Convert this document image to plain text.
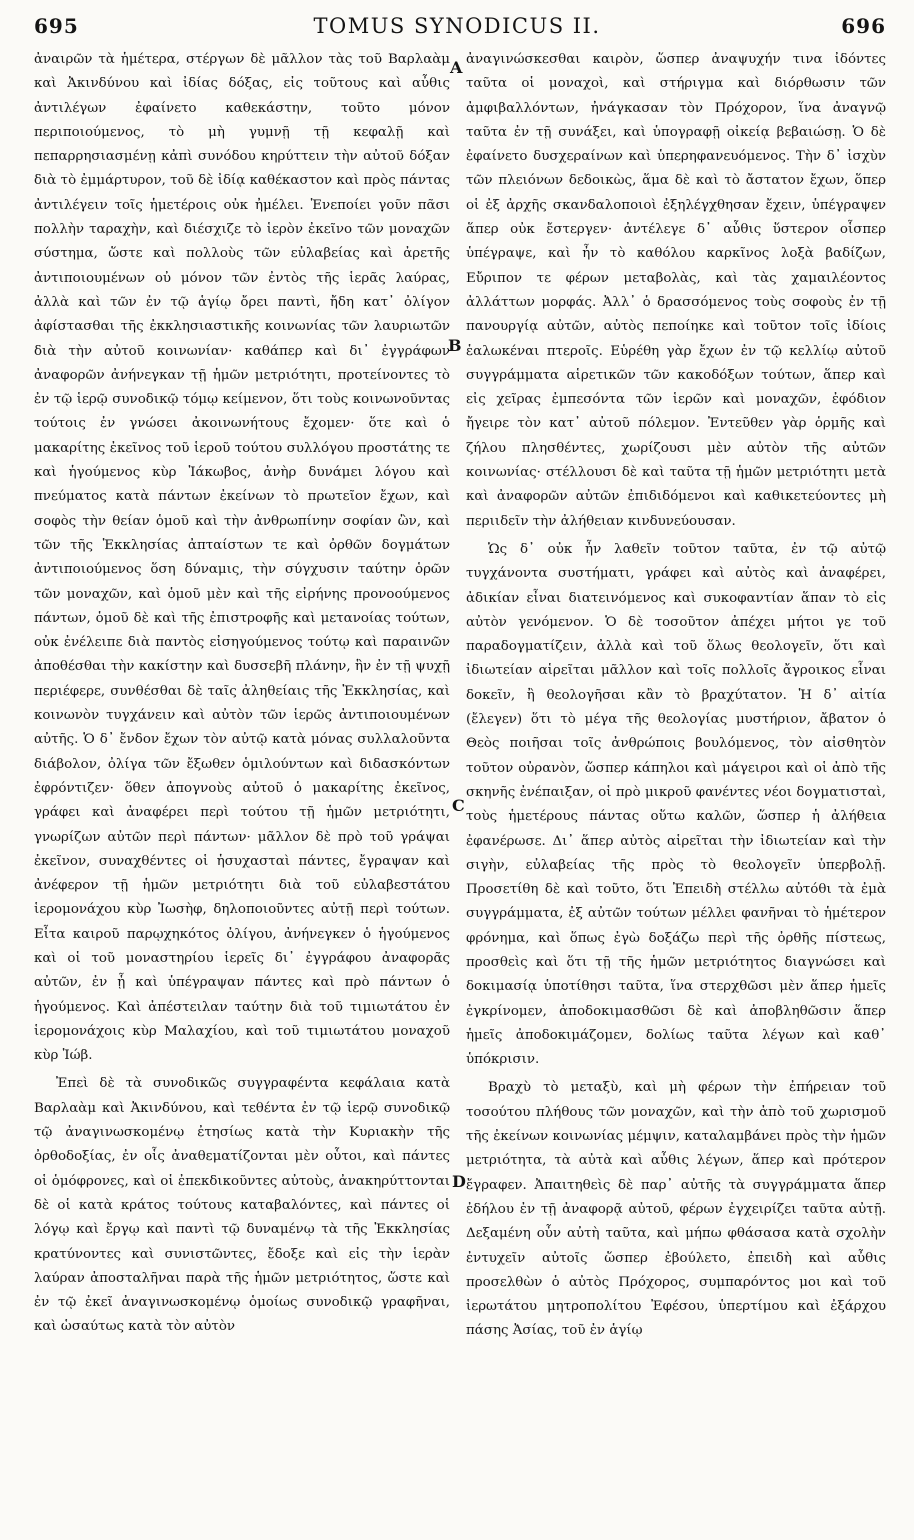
695	TOMUS SYNODICUS II.	696

ἀναιρῶν τὰ ἡμέτερα, στέργων δὲ μᾶλλον τὰς τοῦ Βαρλαὰμ καὶ Ἀκινδύνου καὶ ἰδίας δόξας, εἰς τοῦτους καὶ αὖθις ἀντιλέγων ἐφαίνετο καθεκάστην, τοῦτο μόνον περιποιούμενος, τὸ μὴ γυμνῇ τῇ κεφαλῇ καὶ πεπαρρησιασμένῃ κἀπὶ συνόδου κηρύττειν τὴν αὐτοῦ δόξαν διὰ τὸ ἐμμάρτυρον, τοῦ δὲ ἰδίᾳ καθέκαστον καὶ πρὸς πάντας ἀντιλέγειν τοῖς ἡμετέροις οὐκ ἠμέλει. Ἐνεποίει γοῦν πᾶσι πολλὴν ταραχὴν, καὶ διέσχιζε τὸ ἱερὸν ἐκεῖνο τῶν μοναχῶν σύστημα, ὥστε καὶ πολλοὺς τῶν εὐλαβείας καὶ ἀρετῆς ἀντιποιουμένων οὐ μόνον τῶν ἐντὸς τῆς ἱερᾶς λαύρας, ἀλλὰ καὶ τῶν ἐν τῷ ἁγίῳ ὄρει παντὶ, ἤδη κατ᾽ ὀλίγον ἀφίστασθαι τῆς ἐκκλησιαστικῆς κοινωνίας τῶν λαυριωτῶν διὰ τὴν αὐτοῦ κοινωνίαν· καθάπερ καὶ δι᾽ ἐγγράφων ἀναφορῶν ἀνήνεγκαν τῇ ἡμῶν μετριότητι, προτείνοντες τὸ ἐν τῷ ἱερῷ συνοδικῷ τόμῳ κείμενον, ὅτι τοὺς κοινωνοῦντας τούτοις ἐν γνώσει ἀκοινωνήτους ἔχομεν· ὅτε καὶ ὁ μακαρίτης ἐκεῖνος τοῦ ἱεροῦ τούτου συλλόγου προστάτης τε καὶ ἡγούμενος κὺρ Ἰάκωβος, ἀνὴρ δυνάμει λόγου καὶ πνεύματος κατὰ πάντων ἐκείνων τὸ πρωτεῖον ἔχων, καὶ σοφὸς τὴν θείαν ὁμοῦ καὶ τὴν ἀνθρωπίνην σοφίαν ὢν, καὶ τῶν τῆς Ἐκκλησίας ἀπταίστων τε καὶ ὀρθῶν δογμάτων ἀντιποιούμενος ὅση δύναμις, τὴν σύγχυσιν ταύτην ὁρῶν τῶν μοναχῶν, καὶ ὁμοῦ μὲν καὶ τῆς εἰρήνης προνοούμενος πάντων, ὁμοῦ δὲ καὶ τῆς ἐπιστροφῆς καὶ μετανοίας τούτων, οὐκ ἐνέλειπε διὰ παντὸς εἰσηγούμενος τούτῳ καὶ παραινῶν ἀποθέσθαι τὴν κακίστην καὶ δυσσεβῆ πλάνην, ἣν ἐν τῇ ψυχῇ περιέφερε, συνθέσθαι δὲ ταῖς ἀληθείαις τῆς Ἐκκλησίας, καὶ κοινωνὸν τυγχάνειν καὶ αὐτὸν τῶν ἱερῶς ἀντιποιουμένων αὐτῆς. Ὁ δ᾽ ἔνδον ἔχων τὸν αὐτῷ κατὰ μόνας συλλαλοῦντα διάβολον, ὀλίγα τῶν ἔξωθεν ὁμιλούντων καὶ διδασκόντων ἐφρόντιζεν· ὅθεν ἀπογνοὺς αὐτοῦ ὁ μακαρίτης ἐκεῖνος, γράφει καὶ ἀναφέρει περὶ τούτου τῇ ἡμῶν μετριότητι, γνωρίζων αὐτῶν περὶ πάντων· μᾶλλον δὲ πρὸ τοῦ γράψαι ἐκεῖνον, συναχθέντες οἱ ἡσυχασταὶ πάντες, ἔγραψαν καὶ ἀνέφερον τῇ ἡμῶν μετριότητι διὰ τοῦ εὐλαβεστάτου ἱερομονάχου κὺρ Ἰωσὴφ, δηλοποιοῦντες αὐτῇ περὶ τούτων. Εἶτα καιροῦ παρῳχηκότος ὀλίγου, ἀνήνεγκεν ὁ ἡγούμενος καὶ οἱ τοῦ μοναστηρίου ἱερεῖς δι᾽ ἐγγράφου ἀναφορᾶς αὐτῶν, ἐν ᾗ καὶ ὑπέγραψαν πάντες καὶ πρὸ πάντων ὁ ἡγούμενος. Καὶ ἀπέστειλαν ταύτην διὰ τοῦ τιμιωτάτου ἐν ἱερομονάχοις κὺρ Μαλαχίου, καὶ τοῦ τιμιωτάτου μοναχοῦ κὺρ Ἰώβ.

Ἐπεὶ δὲ τὰ συνοδικῶς συγγραφέντα κεφάλαια κατὰ Βαρλαὰμ καὶ Ἀκινδύνου, καὶ τεθέντα ἐν τῷ ἱερῷ συνοδικῷ τῷ ἀναγινωσκομένῳ ἐτησίως κατὰ τὴν Κυριακὴν τῆς ὀρθοδοξίας, ἐν οἷς ἀναθεματίζονται μὲν οὗτοι, καὶ πάντες οἱ ὁμόφρονες, καὶ οἱ ἐπεκδικοῦντες αὐτοὺς, ἀνακηρύττονται δὲ οἱ κατὰ κράτος τούτους καταβαλόντες, καὶ πάντες οἱ λόγῳ καὶ ἔργῳ καὶ παντὶ τῷ δυναμένῳ τὰ τῆς Ἐκκλησίας κρατύνοντες καὶ συνιστῶντες, ἔδοξε καὶ εἰς τὴν ἱερὰν λαύραν ἀποσταλῆναι παρὰ τῆς ἡμῶν μετριότητος, ὥστε καὶ ἐν τῷ ἐκεῖ ἀναγινωσκομένῳ ὁμοίως συνοδικῷ γραφῆναι, καὶ ὡσαύτως κατὰ τὸν αὐτὸν

ἀναγινώσκεσθαι καιρὸν, ὥσπερ ἀναψυχήν τινα ἰδόντες ταῦτα οἱ μοναχοὶ, καὶ στήριγμα καὶ διόρθωσιν τῶν ἀμφιβαλλόντων, ἠνάγκασαν τὸν Πρόχορον, ἵνα ἀναγνῷ ταῦτα ἐν τῇ συνάξει, καὶ ὑπογραφῇ οἰκείᾳ βεβαιώσῃ. Ὁ δὲ ἐφαίνετο δυσχεραίνων καὶ ὑπερηφανευόμενος. Τὴν δ᾽ ἰσχὺν τῶν πλειόνων δεδοικὼς, ἅμα δὲ καὶ τὸ ἄστατον ἔχων, ὅπερ οἱ ἐξ ἀρχῆς σκανδαλοποιοὶ ἐξηλέγχθησαν ἔχειν, ὑπέγραψεν ἅπερ οὐκ ἔστεργεν· ἀντέλεγε δ᾽ αὖθις ὕστερον οἷσπερ ὑπέγραψε, καὶ ἦν τὸ καθόλου καρκῖνος λοξὰ βαδίζων, Εὔριπον τε φέρων μεταβολὰς, καὶ τὰς χαμαιλέοντος ἀλλάττων μορφάς. Ἀλλ᾽ ὁ δρασσόμενος τοὺς σοφοὺς ἐν τῇ πανουργίᾳ αὐτῶν, αὐτὸς πεποίηκε καὶ τοῦτον τοῖς ἰδίοις ἑαλωκέναι πτεροῖς. Εὑρέθη γὰρ ἔχων ἐν τῷ κελλίῳ αὐτοῦ συγγράμματα αἱρετικῶν τῶν κακοδόξων τούτων, ἅπερ καὶ εἰς χεῖρας ἐμπεσόντα τῶν ἱερῶν καὶ μοναχῶν, ἐφόδιον ἤγειρε τὸν κατ᾽ αὐτοῦ πόλεμον. Ἐντεῦθεν γὰρ ὁρμῆς καὶ ζήλου πλησθέντες, χωρίζουσι μὲν αὐτὸν τῆς αὐτῶν κοινωνίας· στέλλουσι δὲ καὶ ταῦτα τῇ ἡμῶν μετριότητι μετὰ καὶ ἀναφορῶν αὐτῶν ἐπιδιδόμενοι καὶ καθικετεύοντες μὴ περιιδεῖν τὴν ἀλήθειαν κινδυνεύουσαν.

Ὡς δ᾽ οὐκ ἦν λαθεῖν τοῦτον ταῦτα, ἐν τῷ αὐτῷ τυγχάνοντα συστήματι, γράφει καὶ αὐτὸς καὶ ἀναφέρει, ἀδικίαν εἶναι διατεινόμενος καὶ συκοφαντίαν ἅπαν τὸ εἰς αὐτὸν γενόμενον. Ὁ δὲ τοσοῦτον ἀπέχει μήτοι γε τοῦ παραδογματίζειν, ἀλλὰ καὶ τοῦ ὅλως θεολογεῖν, ὅτι καὶ ἰδιωτείαν αἱρεῖται μᾶλλον καὶ τοῖς πολλοῖς ἄγροικος εἶναι δοκεῖν, ἢ θεολογῆσαι κἂν τὸ βραχύτατον. Ἡ δ᾽ αἰτία (ἔλεγεν) ὅτι τὸ μέγα τῆς θεολογίας μυστήριον, ἄβατον ὁ Θεὸς ποιῆσαι τοῖς ἀνθρώποις βουλόμενος, τὸν αἰσθητὸν τοῦτον οὐρανὸν, ὥσπερ κάπηλοι καὶ μάγειροι καὶ οἱ ἀπὸ τῆς σκηνῆς ἐνέπαιξαν, οἱ πρὸ μικροῦ φανέντες νέοι δογματισταὶ, τοὺς ἡμετέρους πάντας οὕτω καλῶν, ὥσπερ ἡ ἀλήθεια ἐφανέρωσε. Δι᾽ ἅπερ αὐτὸς αἱρεῖται τὴν ἰδιωτείαν καὶ τὴν σιγὴν, εὐλαβείας τῆς πρὸς τὸ θεολογεῖν ὑπερβολῇ. Προσετίθη δὲ καὶ τοῦτο, ὅτι Ἐπειδὴ στέλλω αὐτόθι τὰ ἐμὰ συγγράμματα, ἐξ αὐτῶν τούτων μέλλει φανῆναι τὸ ἡμέτερον φρόνημα, καὶ ὅπως ἐγὼ δοξάζω περὶ τῆς ὀρθῆς πίστεως, προσθεὶς καὶ ὅτι τῇ τῆς ἡμῶν μετριότητος διαγνώσει καὶ δοκιμασίᾳ ὑποτίθησι ταῦτα, ἵνα στερχθῶσι μὲν ἅπερ ἡμεῖς ἐγκρίνομεν, ἀποδοκιμασθῶσι δὲ καὶ ἀποβληθῶσιν ἅπερ ἡμεῖς ἀποδοκιμάζομεν, δολίως ταῦτα λέγων καὶ καθ᾽ ὑπόκρισιν.

Βραχὺ τὸ μεταξὺ, καὶ μὴ φέρων τὴν ἐπήρειαν τοῦ τοσούτου πλήθους τῶν μοναχῶν, καὶ τὴν ἀπὸ τοῦ χωρισμοῦ τῆς ἐκείνων κοινωνίας μέμψιν, καταλαμβάνει πρὸς τὴν ἡμῶν μετριότητα, τὰ αὐτὰ καὶ αὖθις λέγων, ἅπερ καὶ πρότερον ἔγραφεν. Ἀπαιτηθεὶς δὲ παρ᾽ αὐτῆς τὰ συγγράμματα ἅπερ ἐδήλου ἐν τῇ ἀναφορᾷ αὐτοῦ, φέρων ἐγχειρίζει ταῦτα αὐτῇ. Δεξαμένη οὖν αὐτὴ ταῦτα, καὶ μήπω φθάσασα κατὰ σχολὴν ἐντυχεῖν αὐτοῖς ὥσπερ ἐβούλετο, ἐπειδὴ καὶ αὖθις προσελθὼν ὁ αὐτὸς Πρόχορος, συμπαρόντος μοι καὶ τοῦ ἱερωτάτου μητροπολίτου Ἐφέσου, ὑπερτίμου καὶ ἐξάρχου πάσης Ἀσίας, τοῦ ἐν ἁγίῳ

A
B
C
D
